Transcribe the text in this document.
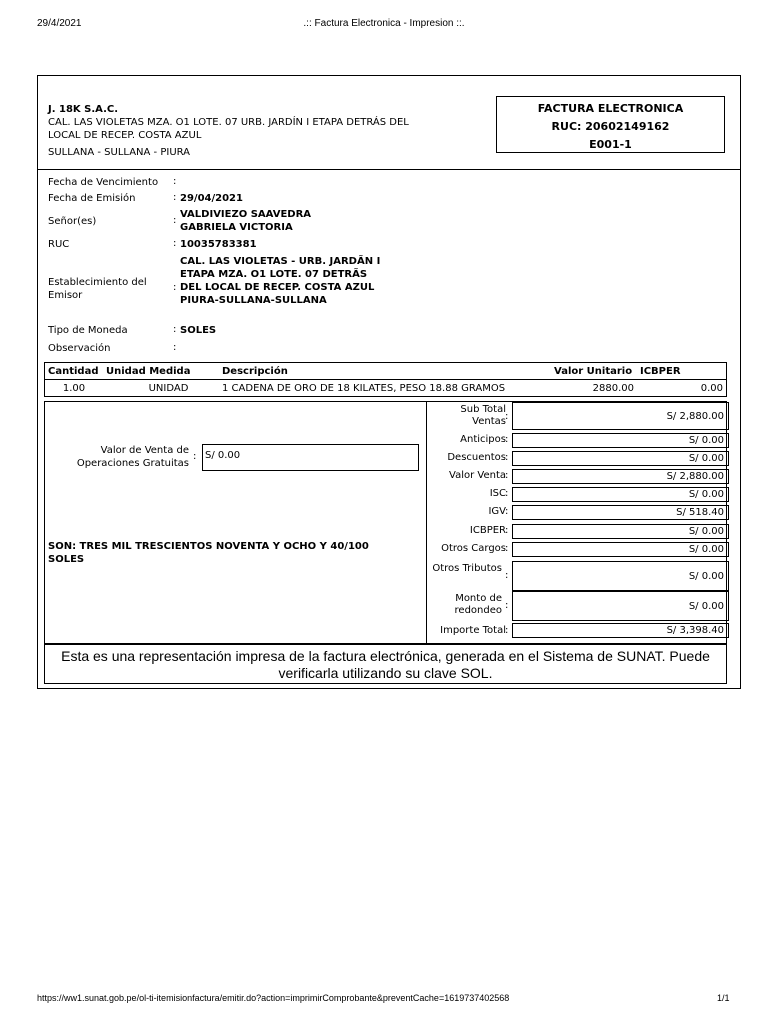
29/4/2021	.:: Factura Electronica - Impresion ::.
J. 18K S.A.C.
CAL. LAS VIOLETAS MZA. O1 LOTE. 07 URB. JARDÍN I ETAPA DETRÁS DEL
LOCAL DE RECEP. COSTA AZUL
SULLANA - SULLANA - PIURA
FACTURA ELECTRONICA
RUC: 20602149162
E001-1
Fecha de Vencimiento :
Fecha de Emisión	: 29/04/2021
Señor(es)	:
VALDIVIEZO SAAVEDRA GABRIELA VICTORIA
RUC	: 10035783381
Establecimiento del Emisor
:
CAL. LAS VIOLETAS - URB. JARDÃN I ETAPA MZA. O1 LOTE. 07 DETRÃS DEL LOCAL DE RECEP. COSTA AZUL PIURA-SULLANA-SULLANA
Tipo de Moneda	: SOLES
Observación	:
Cantidad	Unidad Medida	Descripción	Valor Unitario	ICBPER
1.00	UNIDAD	1 CADENA DE ORO DE 18 KILATES, PESO 18.88 GRAMOS	2880.00	0.00
Valor de Venta de Operaciones Gratuitas
: S/ 0.00
SON: TRES MIL TRESCIENTOS NOVENTA Y OCHO Y 40/100 SOLES
Sub Total Ventas :	S/ 2,880.00
Anticipos :	S/ 0.00
Descuentos :	S/ 0.00
Valor Venta :	S/ 2,880.00
ISC :	S/ 0.00
IGV :	S/ 518.40
ICBPER :	S/ 0.00
Otros Cargos :	S/ 0.00
Otros Tributos
:	S/ 0.00
Monto de redondeo :	S/ 0.00
Importe Total :	S/ 3,398.40
Esta es una representación impresa de la factura electrónica, generada en el Sistema de SUNAT. Puede verificarla utilizando su clave SOL.
https://ww1.sunat.gob.pe/ol-ti-itemisionfactura/emitir.do?action=imprimirComprobante&preventCache=1619737402568	1/1
